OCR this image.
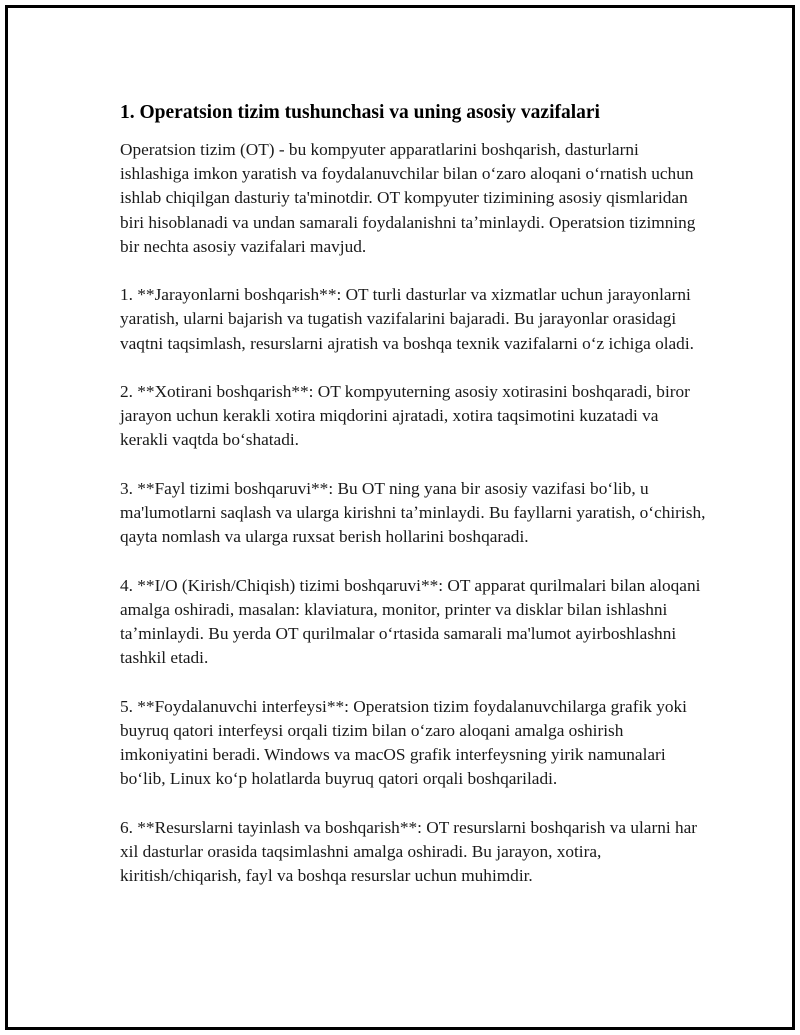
1. Operatsion tizim tushunchasi va uning asosiy vazifalari

Operatsion tizim (OT) - bu kompyuter apparatlarini boshqarish, dasturlarni ishlashiga imkon yaratish va foydalanuvchilar bilan oʻzaro aloqani oʻrnatish uchun ishlab chiqilgan dasturiy ta'minotdir. OT kompyuter tizimining asosiy qismlaridan biri hisoblanadi va undan samarali foydalanishni taʼminlaydi. Operatsion tizimning bir nechta asosiy vazifalari mavjud.

1. **Jarayonlarni boshqarish**: OT turli dasturlar va xizmatlar uchun jarayonlarni yaratish, ularni bajarish va tugatish vazifalarini bajaradi. Bu jarayonlar orasidagi vaqtni taqsimlash, resurslarni ajratish va boshqa texnik vazifalarni oʻz ichiga oladi.

2. **Xotirani boshqarish**: OT kompyuterning asosiy xotirasini boshqaradi, biror jarayon uchun kerakli xotira miqdorini ajratadi, xotira taqsimotini kuzatadi va kerakli vaqtda boʻshatadi.

3. **Fayl tizimi boshqaruvi**: Bu OT ning yana bir asosiy vazifasi boʻlib, u ma'lumotlarni saqlash va ularga kirishni taʼminlaydi. Bu fayllarni yaratish, oʻchirish, qayta nomlash va ularga ruxsat berish hollarini boshqaradi.

4. **I/O (Kirish/Chiqish) tizimi boshqaruvi**: OT apparat qurilmalari bilan aloqani amalga oshiradi, masalan: klaviatura, monitor, printer va disklar bilan ishlashni taʼminlaydi. Bu yerda OT qurilmalar oʻrtasida samarali ma'lumot ayirboshlashni tashkil etadi.

5. **Foydalanuvchi interfeysi**: Operatsion tizim foydalanuvchilarga grafik yoki buyruq qatori interfeysi orqali tizim bilan oʻzaro aloqani amalga oshirish imkoniyatini beradi. Windows va macOS grafik interfeysning yirik namunalari boʻlib, Linux koʻp holatlarda buyruq qatori orqali boshqariladi.

6. **Resurslarni tayinlash va boshqarish**: OT resurslarni boshqarish va ularni har xil dasturlar orasida taqsimlashni amalga oshiradi. Bu jarayon, xotira, kiritish/chiqarish, fayl va boshqa resurslar uchun muhimdir.
